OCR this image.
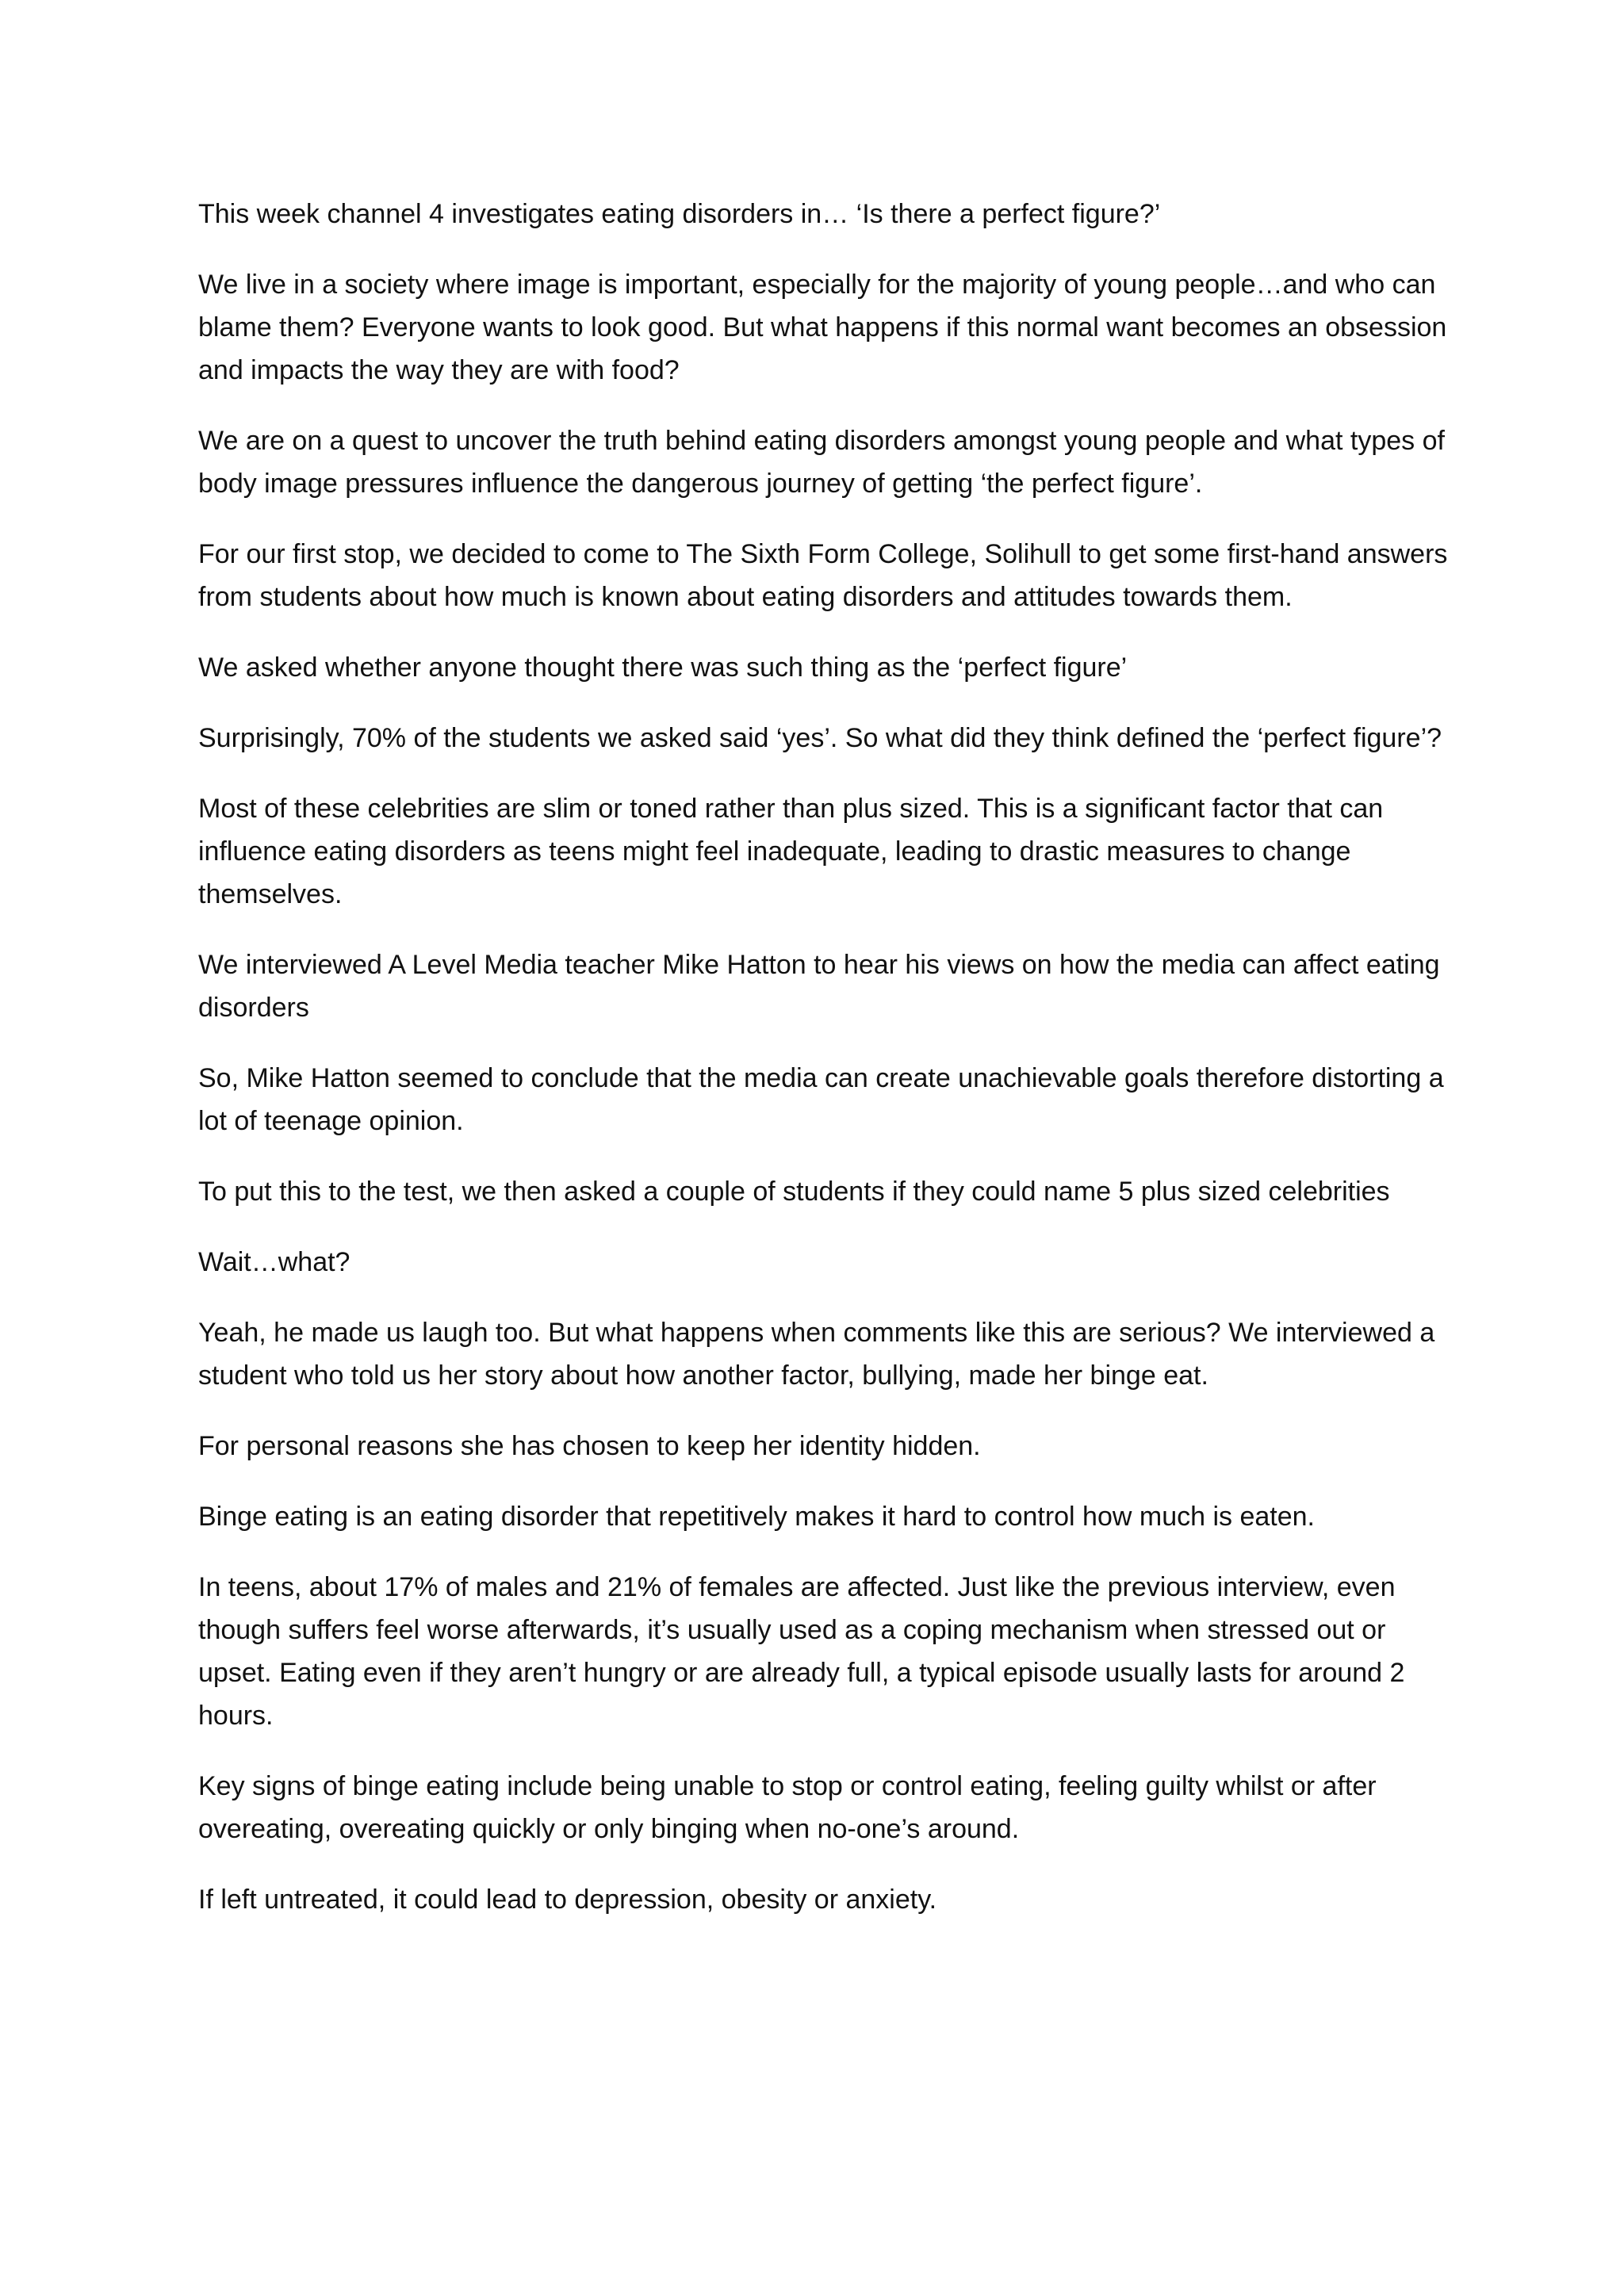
This week channel 4 investigates eating disorders in… ‘Is there a perfect figure?’

We live in a society where image is important, especially for the majority of young people…and who can blame them? Everyone wants to look good. But what happens if this normal want becomes an obsession and impacts the way they are with food?

We are on a quest to uncover the truth behind eating disorders amongst young people and what types of body image pressures influence the dangerous journey of getting ‘the perfect figure’.

For our first stop, we decided to come to The Sixth Form College, Solihull to get some first-hand answers from students about how much is known about eating disorders and attitudes towards them.

We asked whether anyone thought there was such thing as the ‘perfect figure’

Surprisingly, 70% of the students we asked said ‘yes’. So what did they think defined the ‘perfect figure’?

Most of these celebrities are slim or toned rather than plus sized. This is a significant factor that can influence eating disorders as teens might feel inadequate, leading to drastic measures to change themselves.

We interviewed A Level Media teacher Mike Hatton to hear his views on how the media can affect eating disorders

So, Mike Hatton seemed to conclude that the media can create unachievable goals therefore distorting a lot of teenage opinion.

To put this to the test, we then asked a couple of students if they could name 5 plus sized celebrities

Wait…what?

Yeah, he made us laugh too. But what happens when comments like this are serious? We interviewed a student who told us her story about how another factor, bullying, made her binge eat.

For personal reasons she has chosen to keep her identity hidden.

Binge eating is an eating disorder that repetitively makes it hard to control how much is eaten.

In teens, about 17% of males and 21% of females are affected. Just like the previous interview, even though suffers feel worse afterwards, it’s usually used as a coping mechanism when stressed out or upset. Eating even if they aren’t hungry or are already full, a typical episode usually lasts for around 2 hours.

Key signs of binge eating include being unable to stop or control eating, feeling guilty whilst or after overeating, overeating quickly or only binging when no-one’s around.

If left untreated, it could lead to depression, obesity or anxiety.
